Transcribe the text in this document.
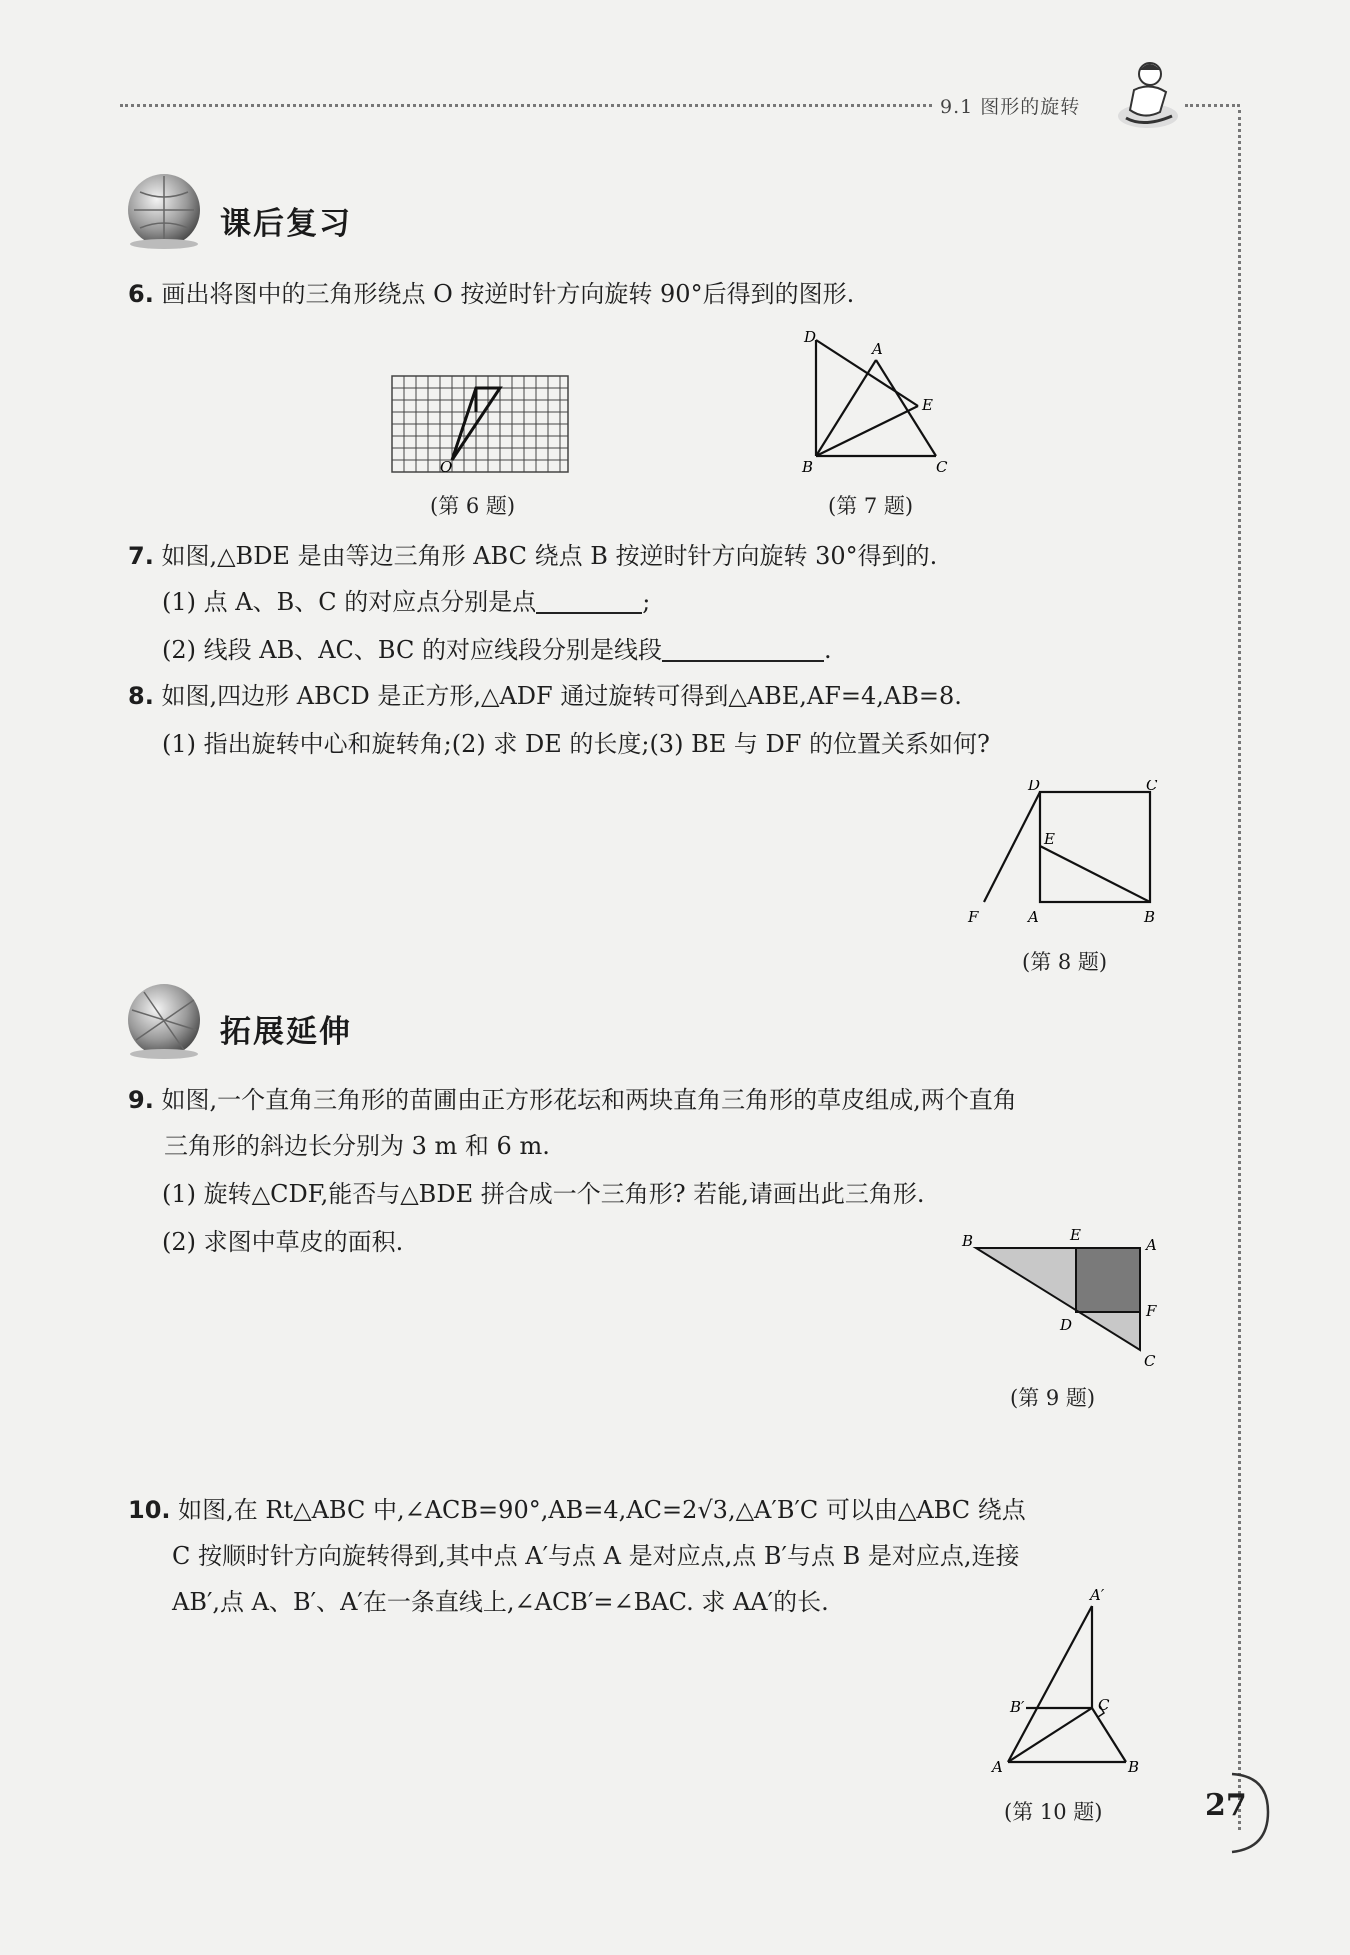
9.1 图形的旋转
课后复习
6. 画出将图中的三角形绕点 O 按逆时针方向旋转 90°后得到的图形.
O
(第 6 题)
D
A
E
B	C
(第 7 题)
7. 如图,△BDE 是由等边三角形 ABC 绕点 B 按逆时针方向旋转 30°得到的.
(1) 点 A、B、C 的对应点分别是点	;
(2) 线段 AB、AC、BC 的对应线段分别是线段	.
8. 如图,四边形 ABCD 是正方形,△ADF 通过旋转可得到△ABE,AF=4,AB=8.
(1) 指出旋转中心和旋转角;(2) 求 DE 的长度;(3) BE 与 DF 的位置关系如何?
D	C
E
F	A	B
(第 8 题)
拓展延伸
9. 如图,一个直角三角形的苗圃由正方形花坛和两块直角三角形的草皮组成,两个直角
三角形的斜边长分别为 3 m 和 6 m.
(1) 旋转△CDF,能否与△BDE 拼合成一个三角形? 若能,请画出此三角形.
(2) 求图中草皮的面积.	B	E
A
F
D
C
(第 9 题)
10. 如图,在 Rt△ABC 中,∠ACB=90°,AB=4,AC=2√3,△A′B′C 可以由△ABC 绕点
C 按顺时针方向旋转得到,其中点 A′与点 A 是对应点,点 B′与点 B 是对应点,连接
AB′,点 A、B′、A′在一条直线上,∠ACB′=∠BAC. 求 AA′的长.	A′
B′	C
A	B
(第 10 题)	27
